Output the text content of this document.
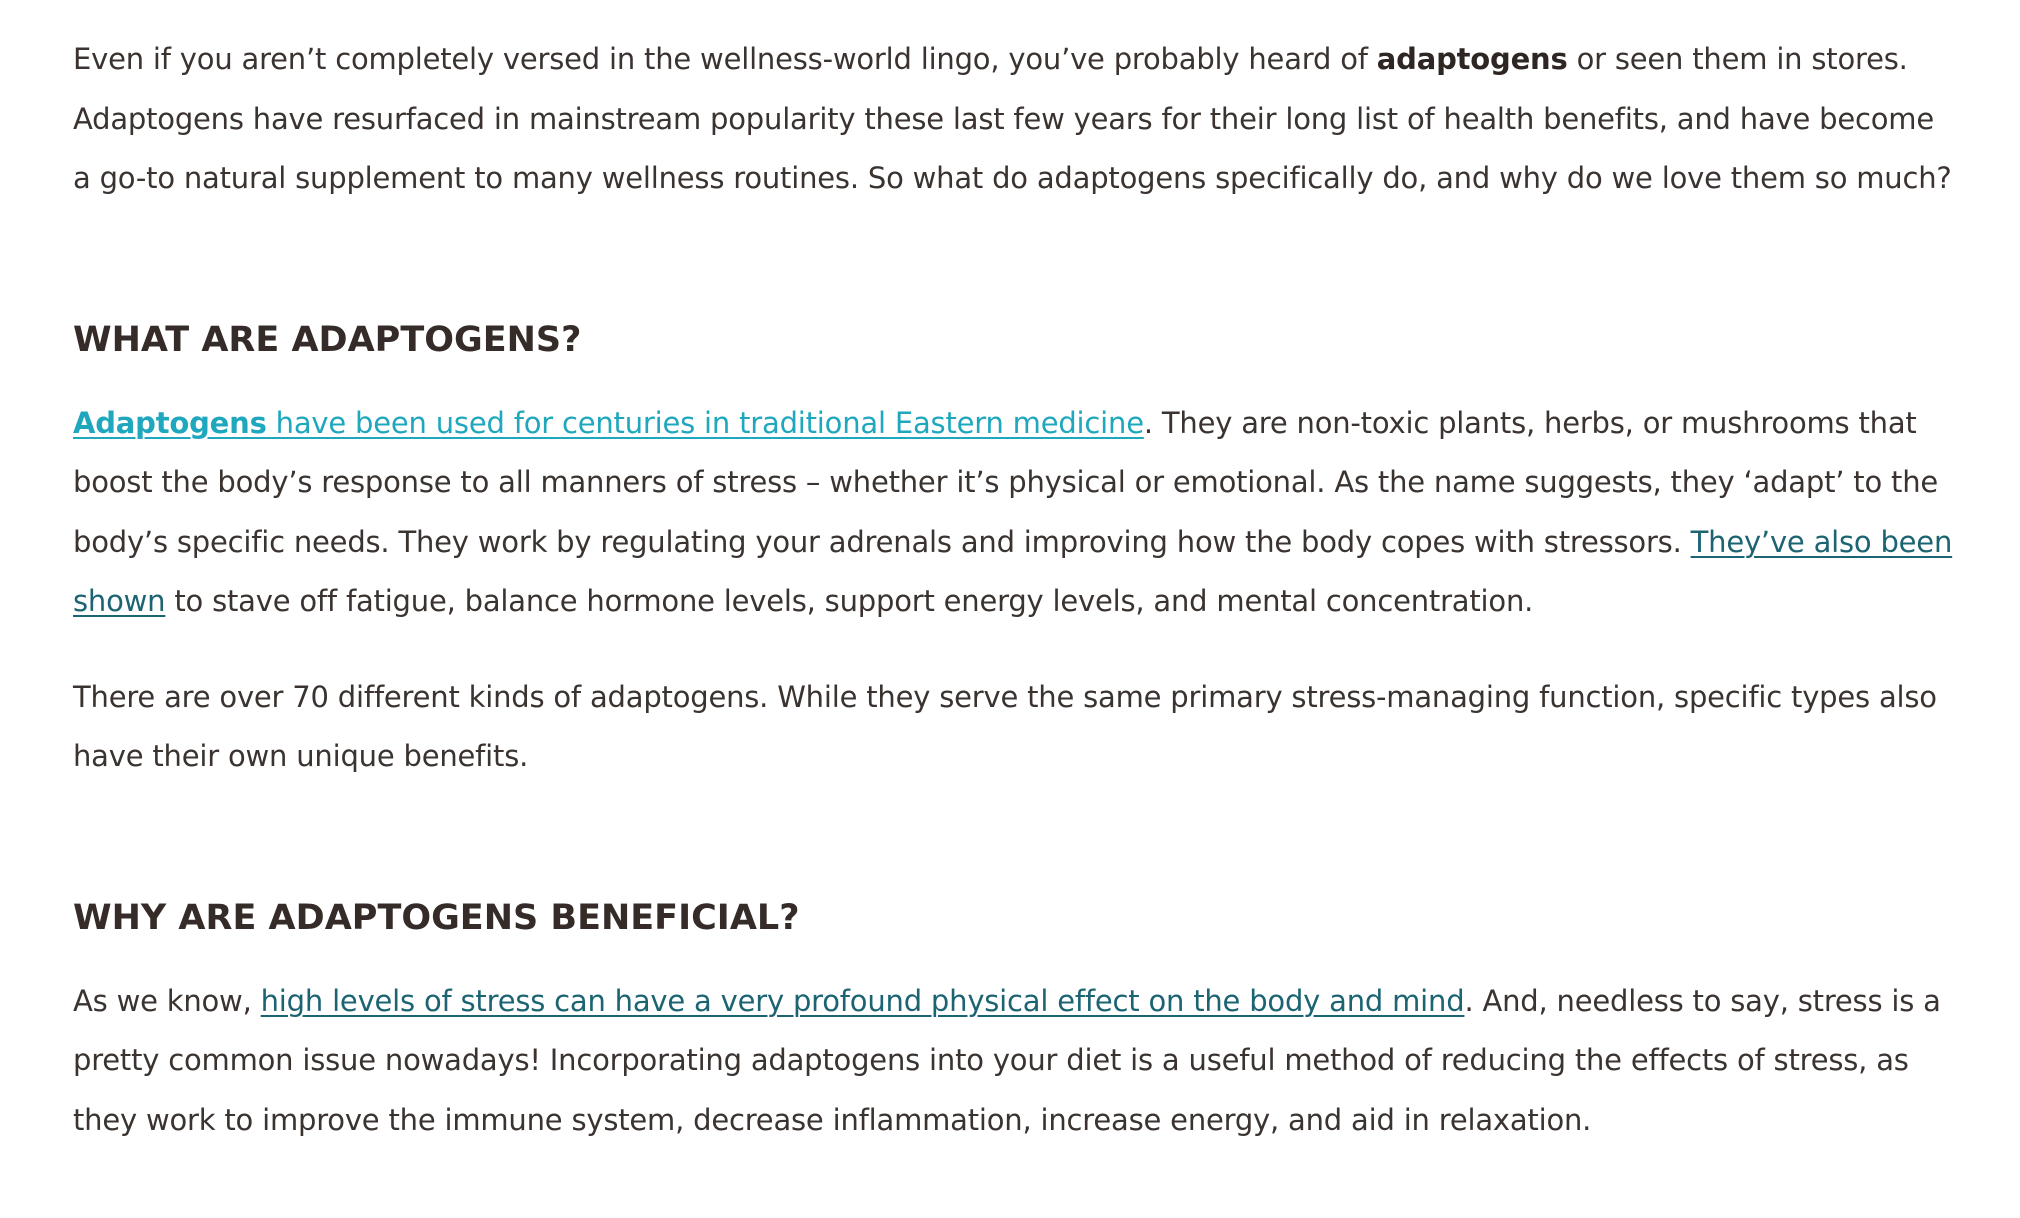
Even if you aren’t completely versed in the wellness-world lingo, you’ve probably heard of adaptogens or seen them in stores. Adaptogens have resurfaced in mainstream popularity these last few years for their long list of health benefits, and have become a go-to natural supplement to many wellness routines. So what do adaptogens specifically do, and why do we love them so much?

WHAT ARE ADAPTOGENS?

Adaptogens have been used for centuries in traditional Eastern medicine. They are non-toxic plants, herbs, or mushrooms that boost the body’s response to all manners of stress – whether it’s physical or emotional. As the name suggests, they ‘adapt’ to the body’s specific needs. They work by regulating your adrenals and improving how the body copes with stressors. They’ve also been shown to stave off fatigue, balance hormone levels, support energy levels, and mental concentration.

There are over 70 different kinds of adaptogens. While they serve the same primary stress-managing function, specific types also have their own unique benefits.

WHY ARE ADAPTOGENS BENEFICIAL?

As we know, high levels of stress can have a very profound physical effect on the body and mind. And, needless to say, stress is a pretty common issue nowadays! Incorporating adaptogens into your diet is a useful method of reducing the effects of stress, as they work to improve the immune system, decrease inflammation, increase energy, and aid in relaxation.
